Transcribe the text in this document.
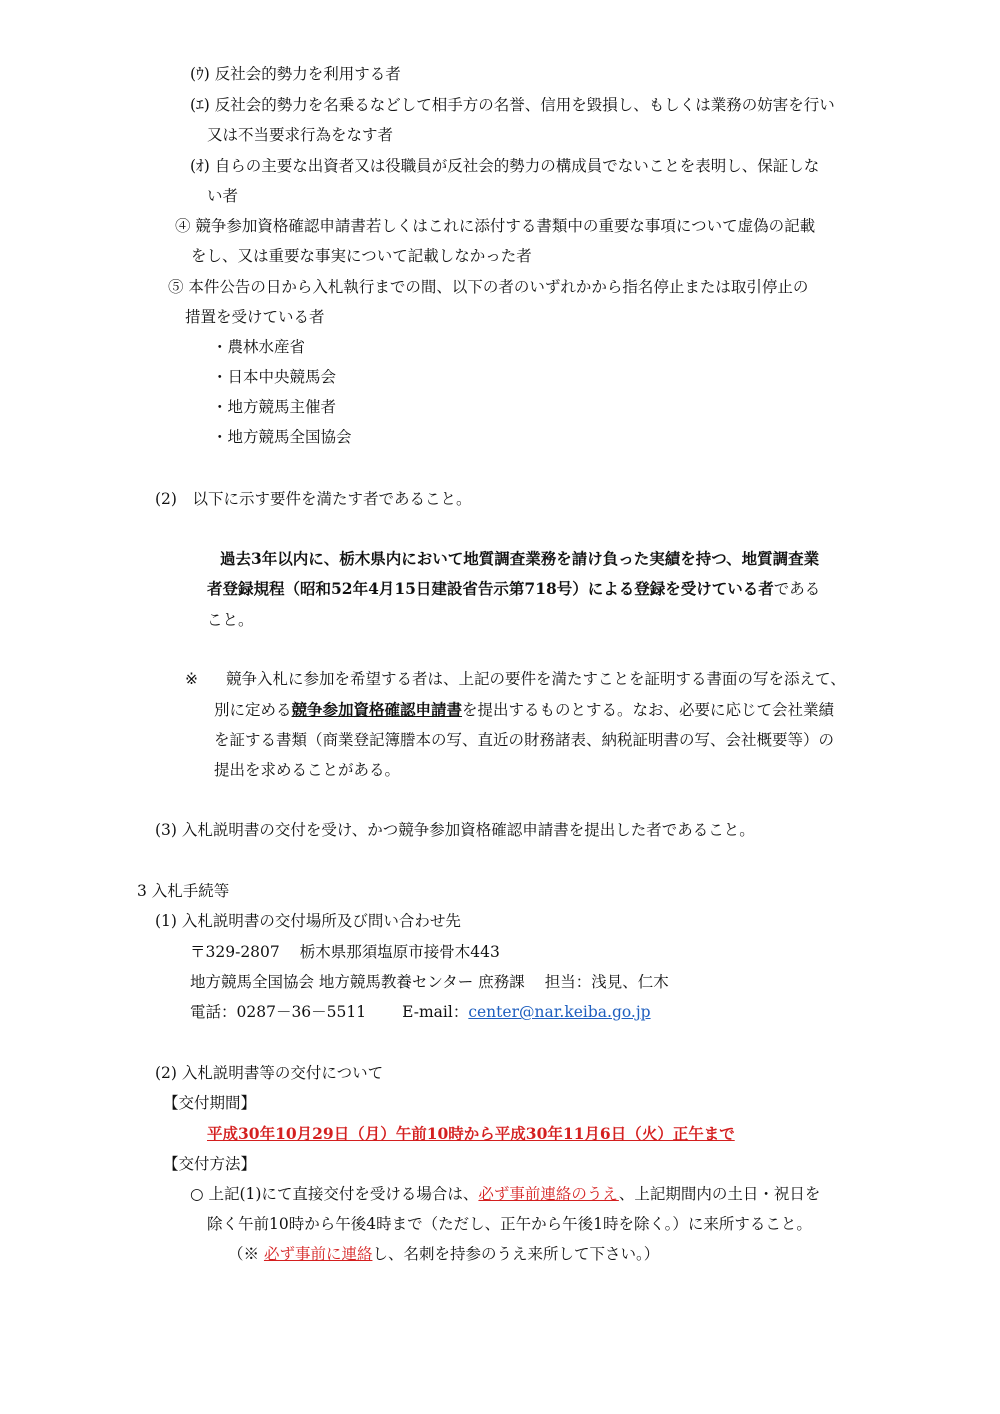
(ｳ) 反社会的勢力を利用する者
(ｴ) 反社会的勢力を名乗るなどして相手方の名誉、信用を毀損し、もしくは業務の妨害を行い
又は不当要求行為をなす者
(ｵ) 自らの主要な出資者又は役職員が反社会的勢力の構成員でないことを表明し、保証しな
い者
④ 競争参加資格確認申請書若しくはこれに添付する書類中の重要な事項について虚偽の記載
をし、又は重要な事実について記載しなかった者
⑤ 本件公告の日から入札執行までの間、以下の者のいずれかから指名停止または取引停止の
措置を受けている者
・農林水産省
・日本中央競馬会
・地方競馬主催者
・地方競馬全国協会
(2)　以下に示す要件を満たす者であること。
過去3年以内に、栃木県内において地質調査業務を請け負った実績を持つ、地質調査業
者登録規程（昭和52年4月15日建設省告示第718号）による登録を受けている者である
こと。
※ 競争入札に参加を希望する者は、上記の要件を満たすことを証明する書面の写を添えて、
別に定める競争参加資格確認申請書を提出するものとする。なお、必要に応じて会社業績
を証する書類（商業登記簿謄本の写、直近の財務諸表、納税証明書の写、会社概要等）の
提出を求めることがある。
(3) 入札説明書の交付を受け、かつ競争参加資格確認申請書を提出した者であること。
3 入札手続等
(1) 入札説明書の交付場所及び問い合わせ先
〒329-2807 栃木県那須塩原市接骨木443
地方競馬全国協会 地方競馬教養センター 庶務課 担当：浅見、仁木
電話：0287－36－5511 E-mail：center@nar.keiba.go.jp
(2) 入札説明書等の交付について
【交付期間】
平成30年10月29日（月）午前10時から平成30年11月6日（火）正午まで
【交付方法】
○ 上記(1)にて直接交付を受ける場合は、必ず事前連絡のうえ、上記期間内の土日・祝日を
除く午前10時から午後4時まで（ただし、正午から午後1時を除く。）に来所すること。
（※ 必ず事前に連絡し、名刺を持参のうえ来所して下さい。）
